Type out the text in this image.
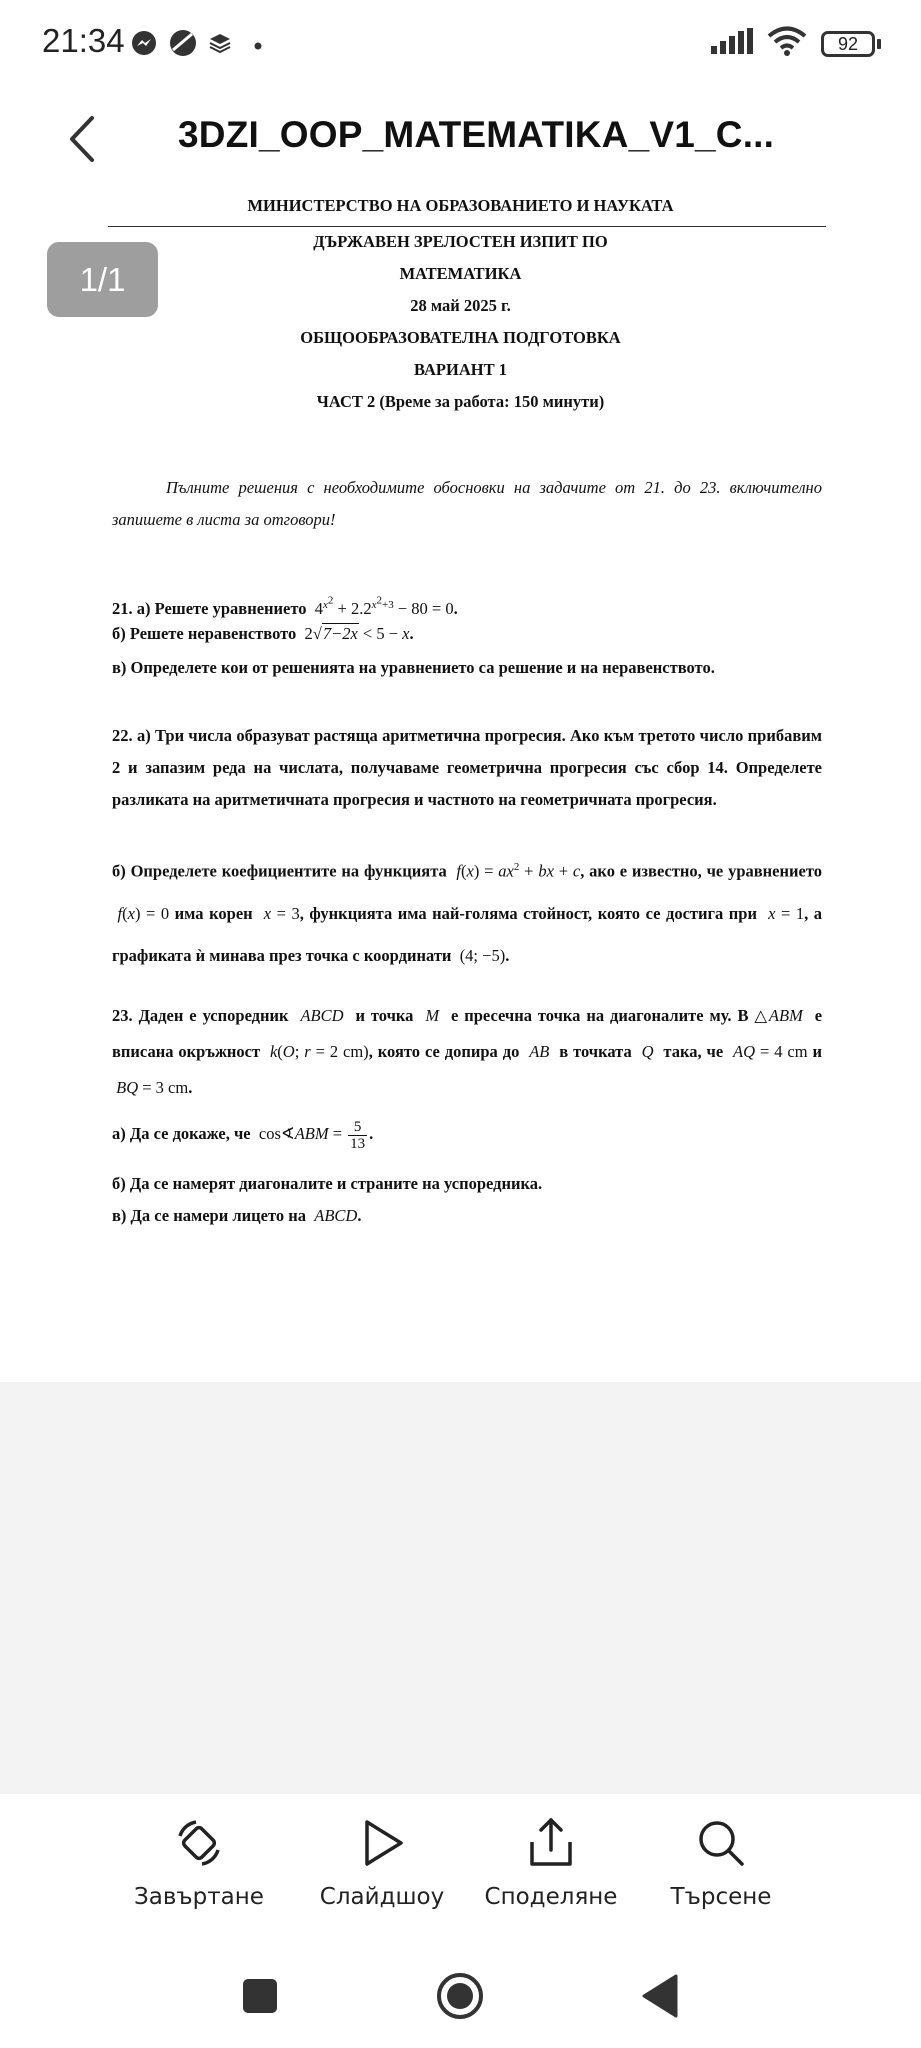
21:34	92
3DZI_OOP_MATEMATIKA_V1_C...
МИНИСТЕРСТВО НА ОБРАЗОВАНИЕТО И НАУКАТА
ДЪРЖАВЕН ЗРЕЛОСТЕН ИЗПИТ ПО
МАТЕМАТИКА
28 май 2025 г.
ОБЩООБРАЗОВАТЕЛНА ПОДГОТОВКА
ВАРИАНТ 1
ЧАСТ 2 (Време за работа: 150 минути)
Пълните решения с необходимите обосновки на задачите от 21. до 23. включително запишете в листа за отговори!
21. а) Решете уравнението  $4^{x^2} + 2.2^{x^2+3} - 80 = 0$.
б) Решете неравенството  2√7−2x < 5 − x.
в) Определете кои от решенията на уравнението са решение и на неравенството.
22. а) Три числа образуват растяща аритметична прогресия. Ако към третото число прибавим 2 и запазим реда на числата, получаваме геометрична прогресия със сбор 14. Определете разликата на аритметичната прогресия и частното на геометричната прогресия.
б) Определете коефициентите на функцията  $f(x) = ax^2$ + bx + c, ако е известно, че уравнението  f(x) = 0 има корен  x = 3, функцията има най-голяма стойност, която се достига при  x = 1, а графиката ѝ минава през точка с координати  (4; −5).
23. Даден е успоредник  ABCD  и точка  M  е пресечна точка на диагоналите му. В △ABM  е вписана окръжност  k(O; r = 2 cm), която се допира до  AB  в точката  Q  така, че  AQ = 4 cm и  BQ = 3 cm.
а) Да се докаже, че  cos∢ABM = $\frac{5}{13}$ .
б) Да се намерят диагоналите и страните на успоредника.
в) Да се намери лицето на  ABCD.
1/1
Завъртане	Слайдшоу	Споделяне	Търсене
